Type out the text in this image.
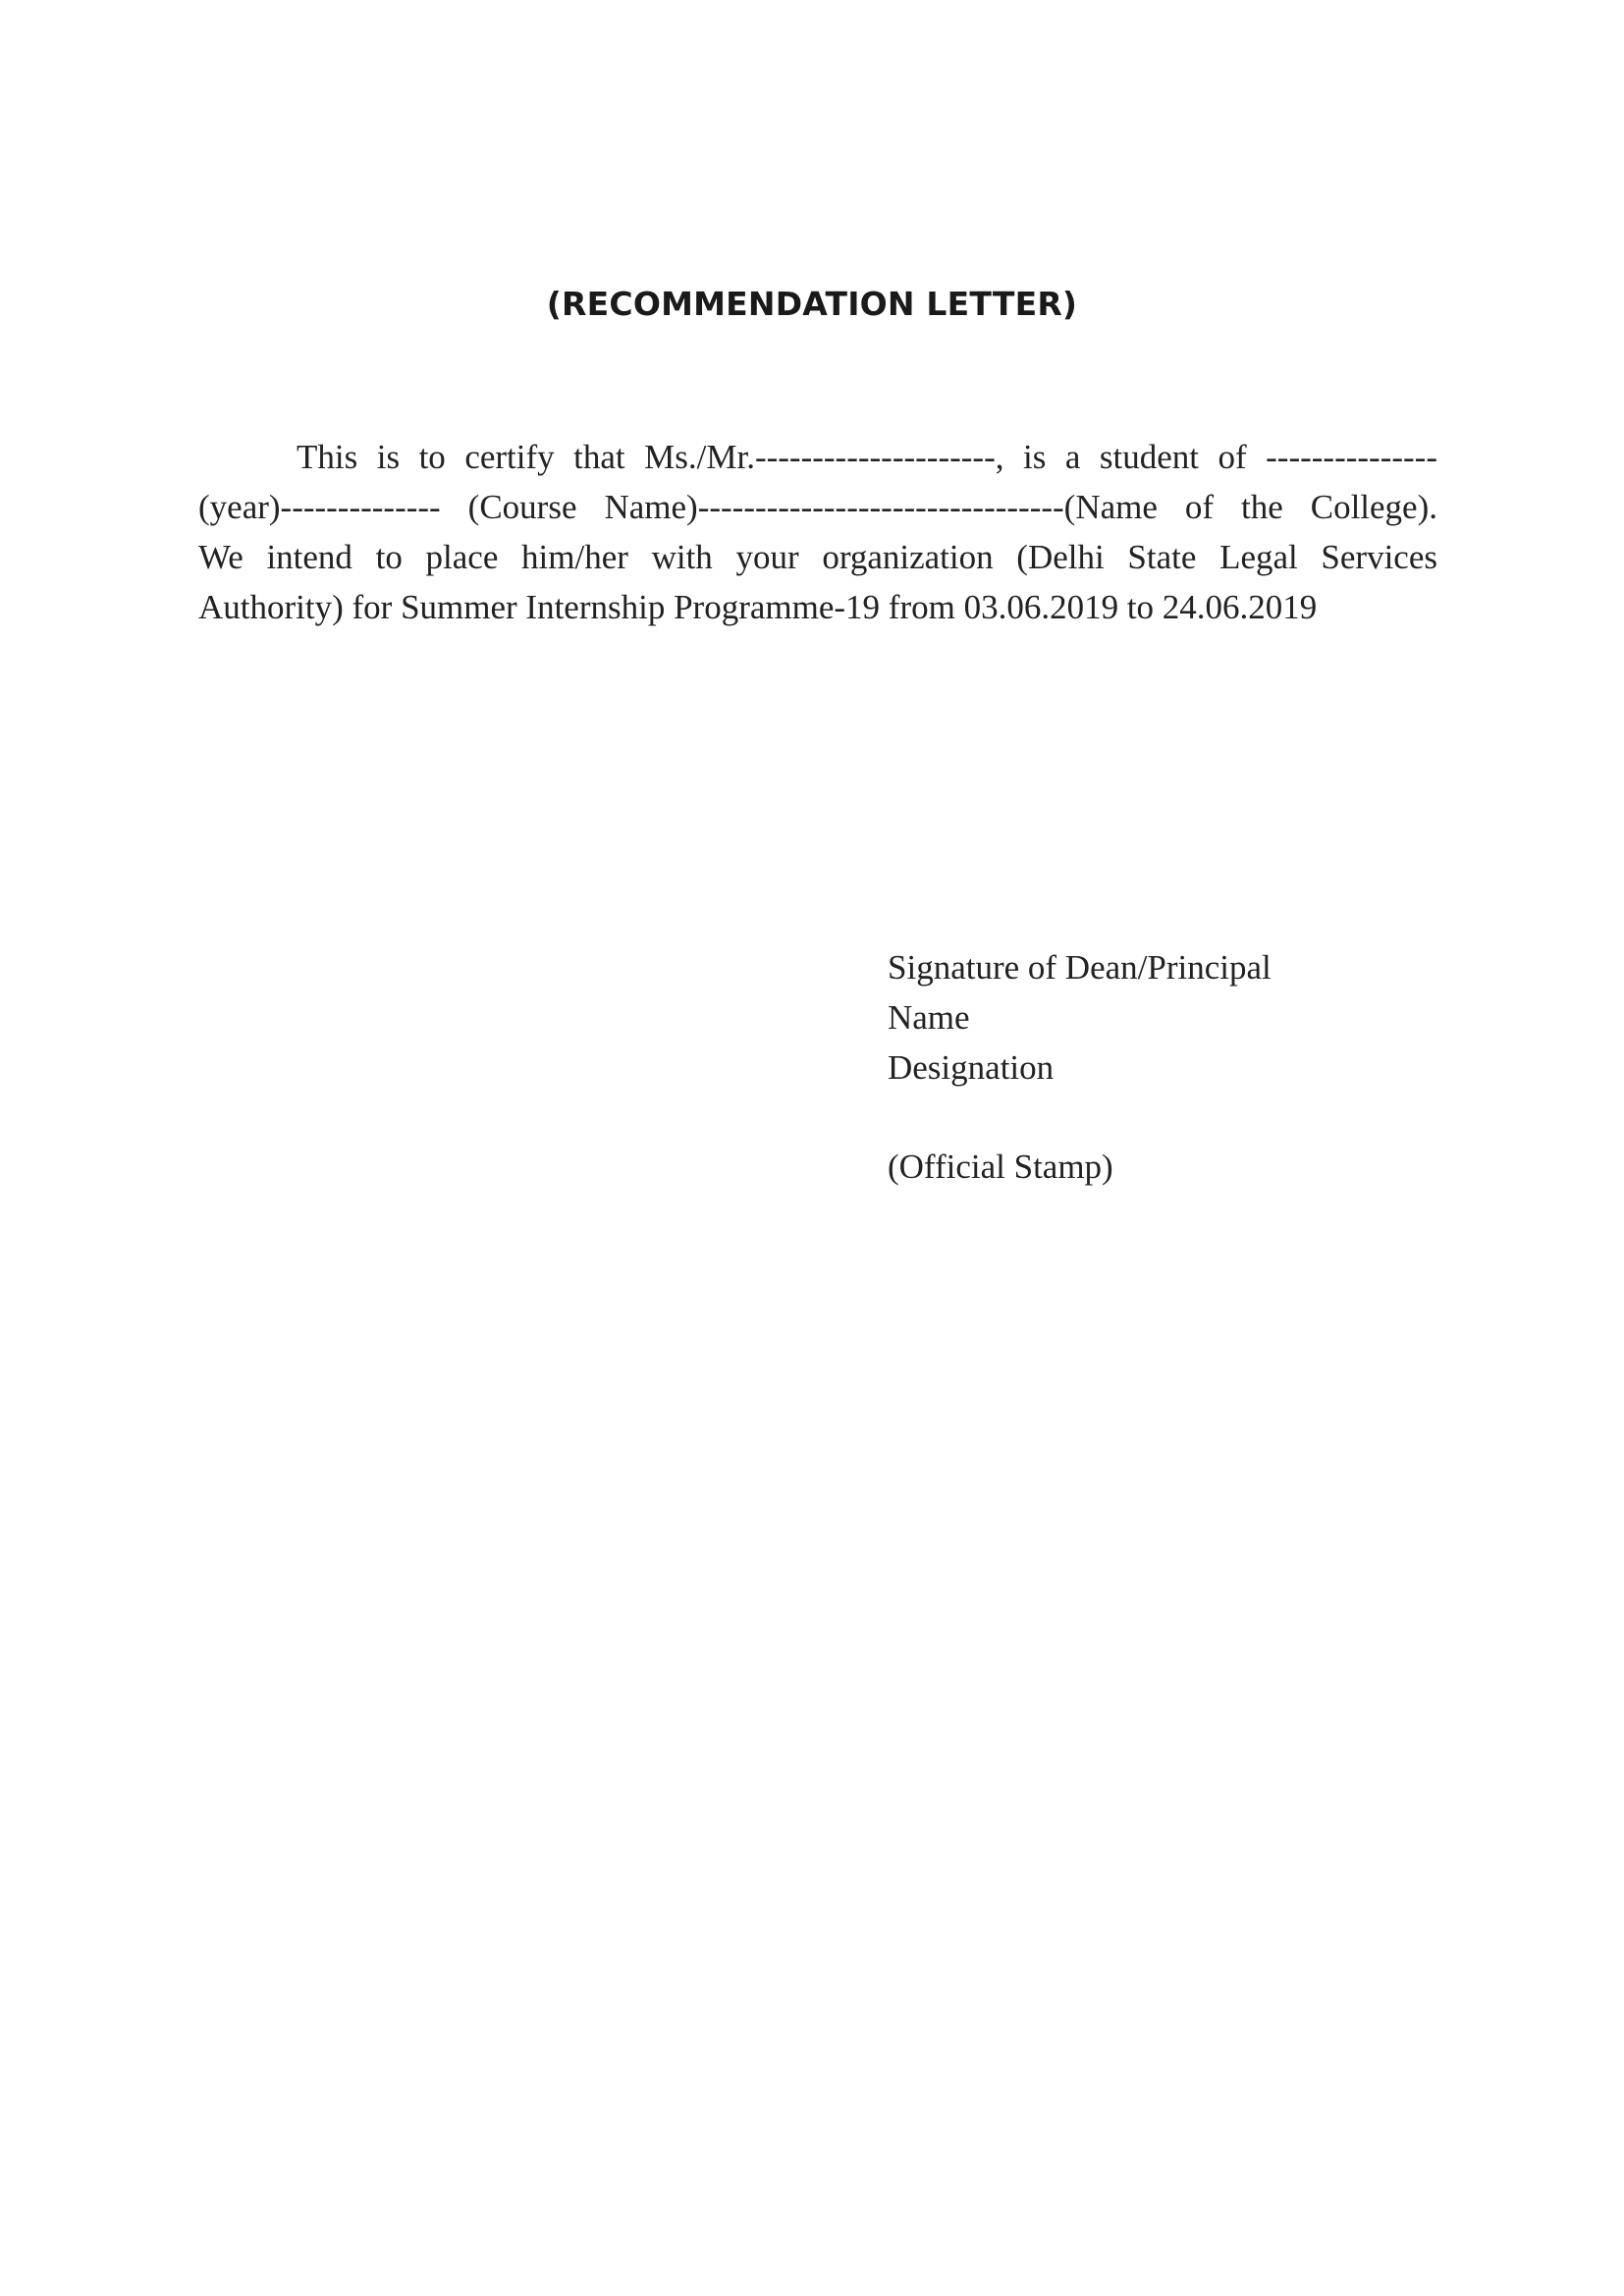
(RECOMMENDATION LETTER)
This is to certify that Ms./Mr.---------------------, is a student of ---------------
(year)-------------- (Course Name)--------------------------------(Name of the College).
We intend to place him/her with your organization (Delhi State Legal Services
Authority) for Summer Internship Programme-19 from 03.06.2019 to 24.06.2019
Signature of Dean/Principal
Name
Designation
(Official Stamp)
